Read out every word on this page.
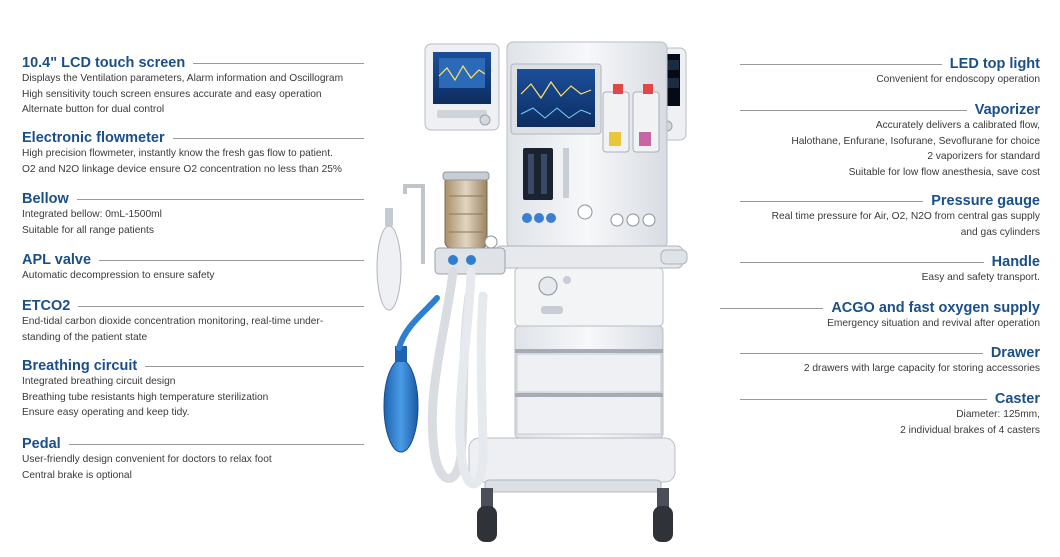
10.4" LCD touch screen
Displays the Ventilation parameters, Alarm information and Oscillogram
High sensitivity touch screen ensures accurate and easy operation
Alternate button for dual control
Electronic flowmeter
High precision flowmeter, instantly know the fresh gas flow to patient.
O2 and N2O linkage device ensure O2 concentration no less than 25%
Bellow
Integrated bellow: 0mL-1500ml
Suitable for all range patients
APL valve
Automatic decompression to ensure safety
ETCO2
End-tidal carbon dioxide concentration monitoring, real-time under-
standing of the patient state
Breathing circuit
Integrated breathing circuit design
Breathing tube resistants high temperature sterilization
Ensure easy operating and keep tidy.
Pedal
User-friendly design convenient for doctors to relax foot
Central brake is optional
LED top light
Convenient for endoscopy operation
Vaporizer
Accurately delivers a calibrated flow,
Halothane, Enfurane, Isofurane, Sevoflurane for choice
2 vaporizers for standard
Suitable for low flow anesthesia, save cost
Pressure gauge
Real time pressure for Air, O2, N2O from central gas supply
and gas cylinders
Handle
Easy and safety transport.
ACGO and fast oxygen supply
Emergency situation and revival after operation
Drawer
2 drawers with large capacity for storing accessories
Caster
Diameter: 125mm,
2 individual brakes of 4 casters
